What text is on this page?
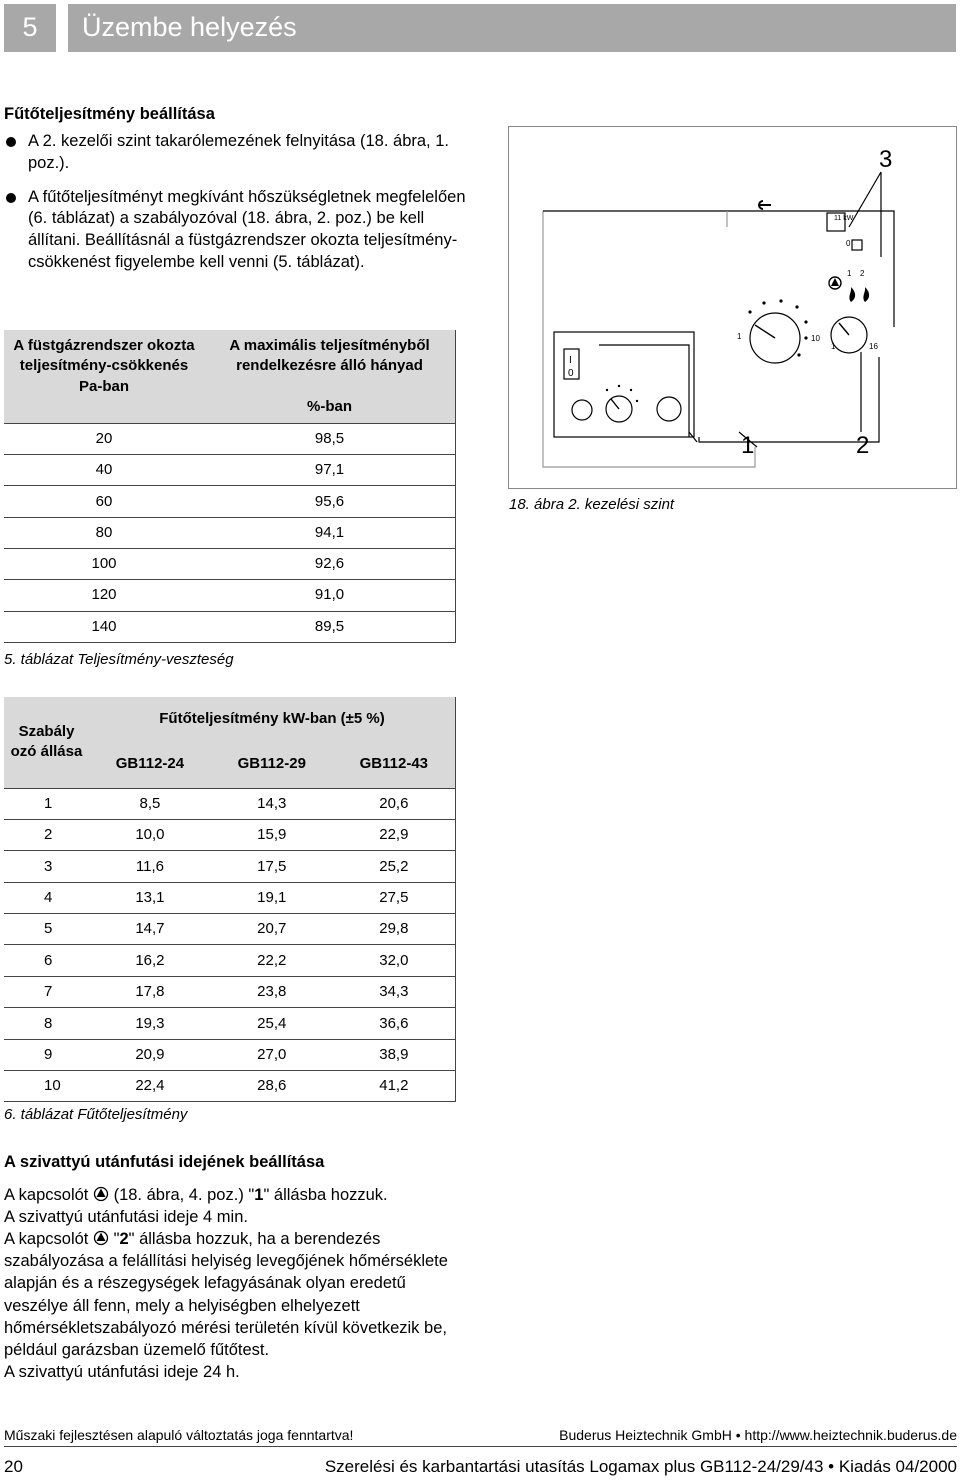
5	Üzembe helyezés
Fűtőteljesítmény beállítása
A 2. kezelői szint takarólemezének felnyitása (18. ábra, 1. poz.).
A fűtőteljesítményt megkívánt hőszükségletnek megfelelően (6. táblázat) a szabályozóval (18. ábra, 2. poz.) be kell állítani. Beállításnál a füstgázrendszer okozta teljesítmény-csökkenést figyelembe kell venni (5. táblázat).
A füstgázrendszer okozta teljesítmény-csökkenés Pa-ban	A maximális teljesítményből rendelkezésre álló hányad
%-ban

20	98,5
40	97,1
60	95,6
80	94,1
100	92,6
120	91,0
140	89,5
5. táblázat Teljesítmény-veszteség
11 kW
I
0
0
1 2
1	10
1	16
3
1	2
18. ábra 2. kezelési szint
Szabály ozó állása	Fűtőteljesítmény kW-ban (±5 %)		
	GB112-24	GB112-29	GB112-43
1	8,5	14,3	20,6
2	10,0	15,9	22,9
3	11,6	17,5	25,2
4	13,1	19,1	27,5
5	14,7	20,7	29,8
6	16,2	22,2	32,0
7	17,8	23,8	34,3
8	19,3	25,4	36,6
9	20,9	27,0	38,9
10	22,4	28,6	41,2
6. táblázat Fűtőteljesítmény
A szivattyú utánfutási idejének beállítása
A kapcsolót (18. ábra, 4. poz.) "1" állásba hozzuk.
A szivattyú utánfutási ideje 4 min.
A kapcsolót "2" állásba hozzuk, ha a berendezés szabályozása a felállítási helyiség levegőjének hőmérséklete alapján és a részegységek lefagyásának olyan eredetű veszélye áll fenn, mely a helyiségben elhelyezett hőmérsékletszabályozó mérési területén kívül következik be, például garázsban üzemelő fűtőtest.
A szivattyú utánfutási ideje 24 h.
Műszaki fejlesztésen alapuló változtatás joga fenntartva!	Buderus Heiztechnik GmbH • http://www.heiztechnik.buderus.de
20	Szerelési és karbantartási utasítás Logamax plus GB112-24/29/43 • Kiadás 04/2000
